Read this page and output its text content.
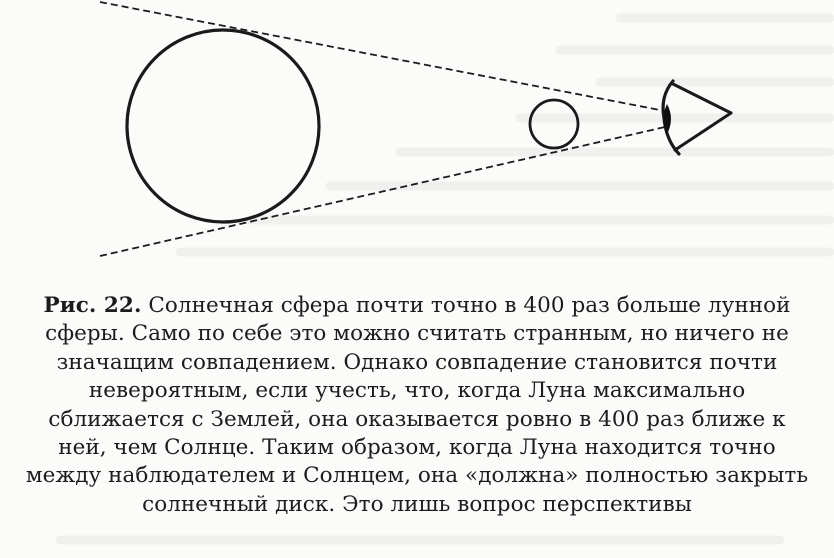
Рис. 22. Солнечная сфера почти точно в 400 раз больше лунной
сферы. Само по себе это можно считать странным, но ничего не
значащим совпадением. Однако совпадение становится почти
невероятным, если учесть, что, когда Луна максимально
сближается с Землей, она оказывается ровно в 400 раз ближе к
ней, чем Солнце. Таким образом, когда Луна находится точно
между наблюдателем и Солнцем, она «должна» полностью закрыть
солнечный диск. Это лишь вопрос перспективы
